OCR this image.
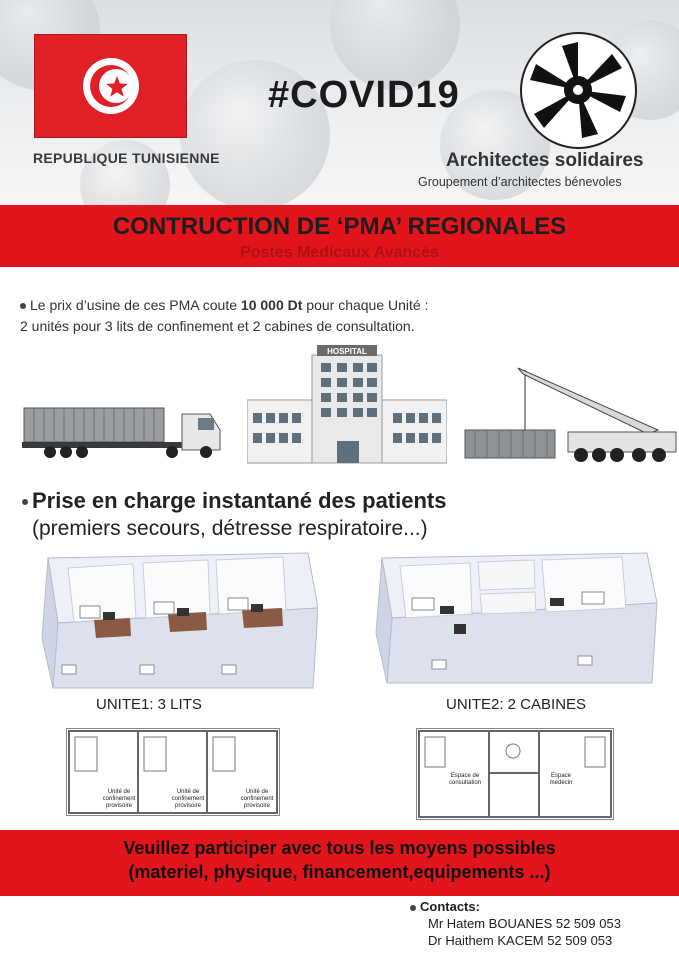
#COVID19
REPUBLIQUE TUNISIENNE	Architectes solidaires
Groupement d’architectes bénevoles
CONTRUCTION DE ‘PMA’ REGIONALES
Postes Medicaux Avancés
Le prix d’usine de ces PMA coute 10 000 Dt pour chaque Unité :
2 unités pour 3 lits de confinement et 2 cabines de consultation.
HOSPITAL
Prise en charge instantané des patients
(premiers secours, détresse respiratoire...)
UNITE1: 3 LITS	UNITE2: 2 CABINES
Unité de confinement provisoire
Unité de confinement provisoire
Unité de confinement provisoire
Espace de consultation
Espace medecin
Veuillez participer avec tous les moyens possibles
(materiel, physique, financement,equipements ...)
Contacts:
Mr Hatem BOUANES 52 509 053
Dr Haithem KACEM 52 509 053
